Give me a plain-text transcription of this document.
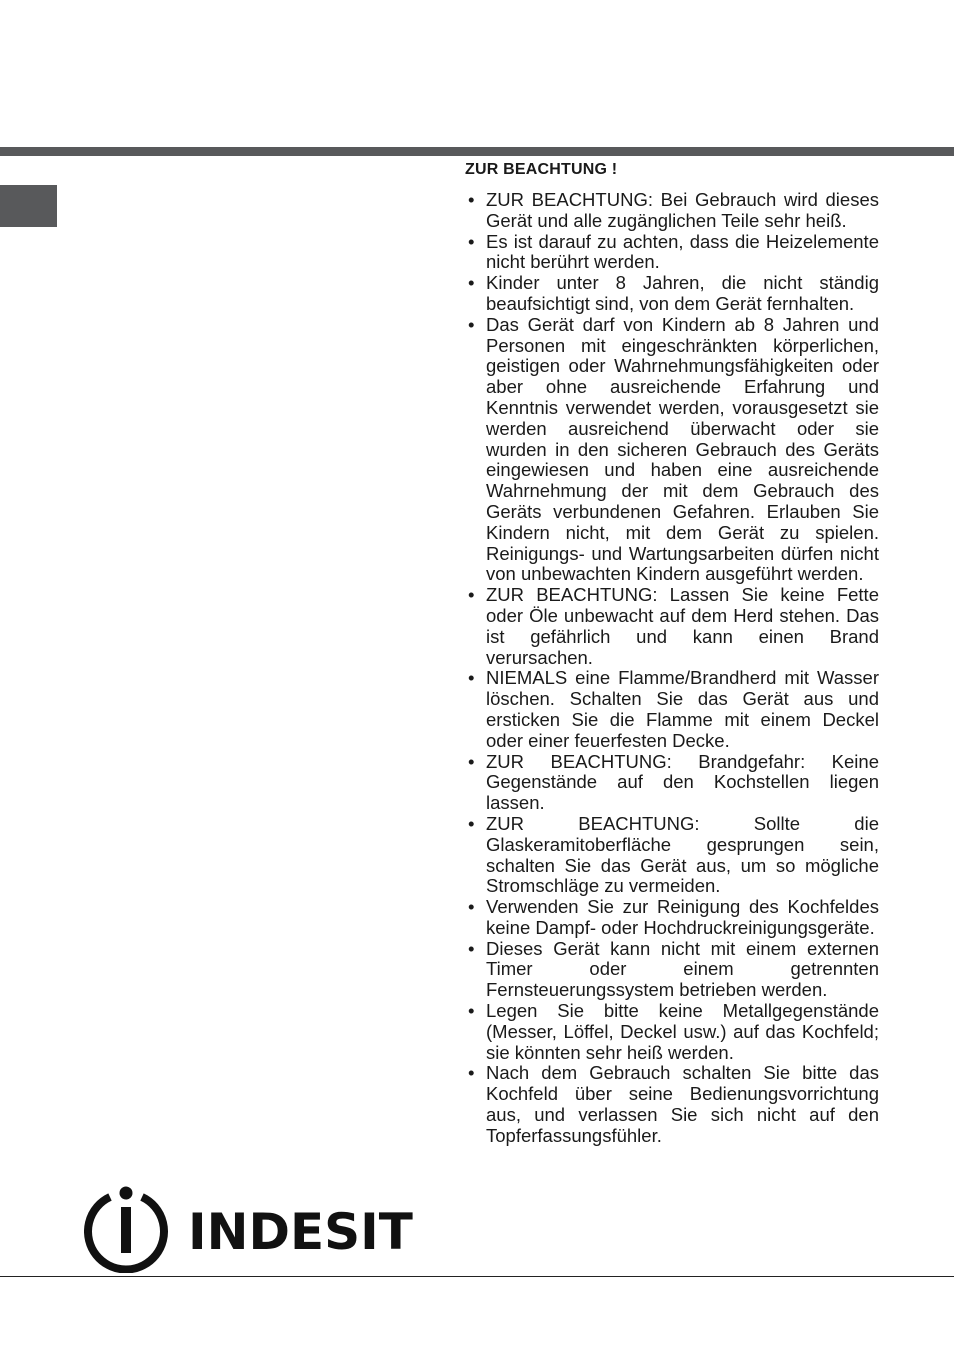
ZUR BEACHTUNG !
• ZUR BEACHTUNG: Bei Gebrauch wird dieses Gerät und alle zugänglichen Teile sehr heiß.
• Es ist darauf zu achten, dass die Heizelemente nicht berührt werden.
• Kinder unter 8 Jahren, die nicht ständig beaufsichtigt sind, von dem Gerät fernhalten.
• Das Gerät darf von Kindern ab 8 Jahren und Personen mit eingeschränkten körperlichen, geistigen oder Wahrnehmungsfähigkeiten oder aber ohne ausreichende Erfahrung und Kenntnis verwendet werden, vorausgesetzt sie werden ausreichend überwacht oder sie wurden in den sicheren Gebrauch des Geräts eingewiesen und haben eine ausreichende Wahrnehmung der mit dem Gebrauch des Geräts verbundenen Gefahren. Erlauben Sie Kindern nicht, mit dem Gerät zu spielen. Reinigungs- und Wartungsarbeiten dürfen nicht von unbewachten Kindern ausgeführt werden.
• ZUR BEACHTUNG: Lassen Sie keine Fette oder Öle unbewacht auf dem Herd stehen. Das ist gefährlich und kann einen Brand verursachen.
• NIEMALS eine Flamme/Brandherd mit Wasser löschen. Schalten Sie das Gerät aus und ersticken Sie die Flamme mit einem Deckel oder einer feuerfesten Decke.
• ZUR BEACHTUNG: Brandgefahr: Keine Gegenstände auf den Kochstellen liegen lassen.
• ZUR BEACHTUNG: Sollte die Glaskeramitoberfläche gesprungen sein, schalten Sie das Gerät aus, um so mögliche Stromschläge zu vermeiden.
• Verwenden Sie zur Reinigung des Kochfeldes keine Dampf- oder Hochdruckreinigungsgeräte.
• Dieses Gerät kann nicht mit einem externen Timer oder einem getrennten Fernsteuerungssystem betrieben werden.
• Legen Sie bitte keine Metallgegenstände (Messer, Löffel, Deckel usw.) auf das Kochfeld; sie könnten sehr heiß werden.
• Nach dem Gebrauch schalten Sie bitte das Kochfeld über seine Bedienungsvorrichtung aus, und verlassen Sie sich nicht auf den Topferfassungsfühler.
INDESIT
